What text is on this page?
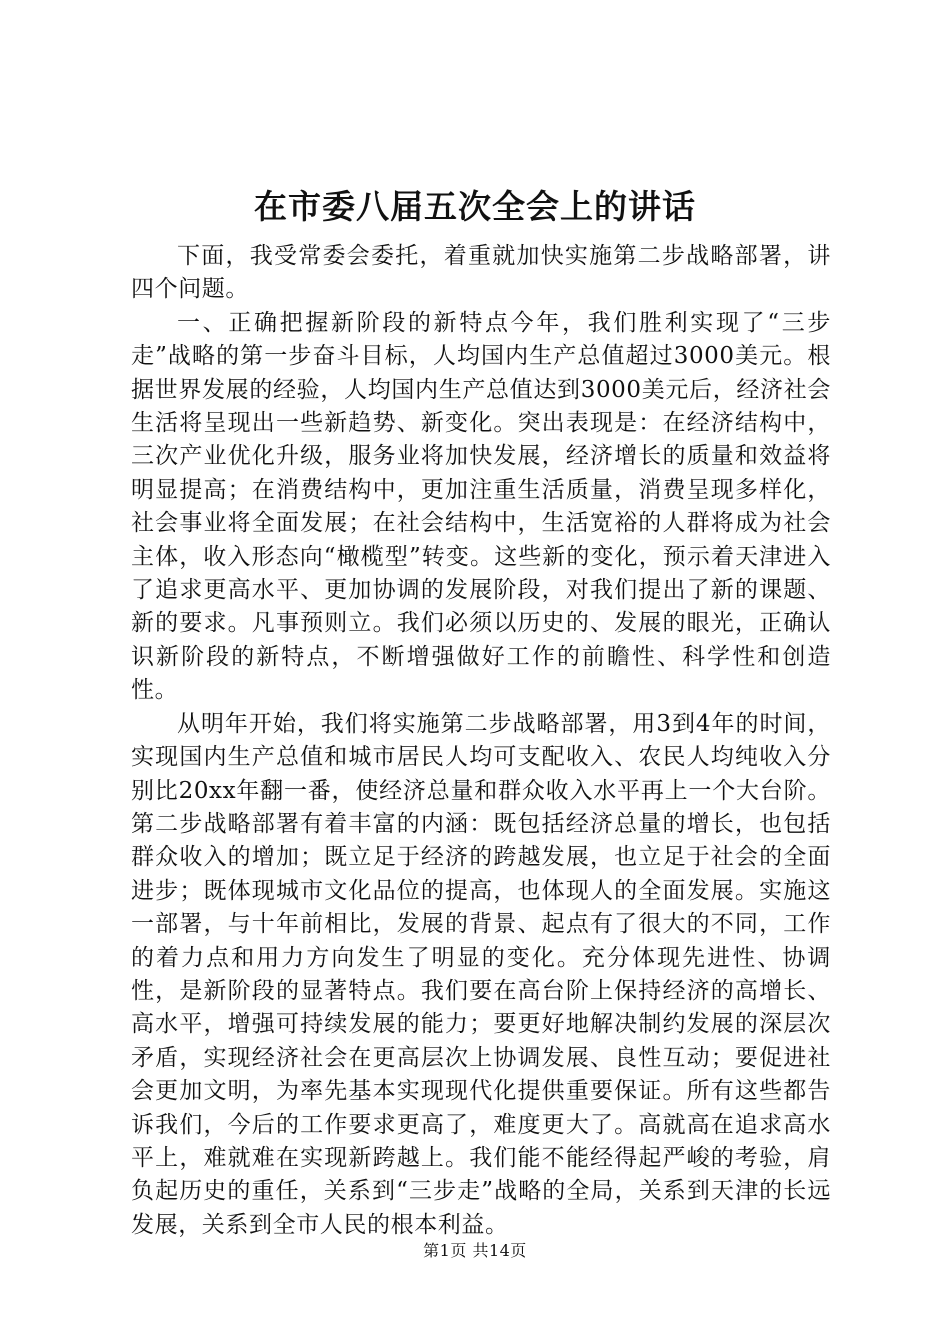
在市委八届五次全会上的讲话

下面，我受常委会委托，着重就加快实施第二步战略部署，讲四个问题。

一、正确把握新阶段的新特点今年，我们胜利实现了“三步走”战略的第一步奋斗目标，人均国内生产总值超过3000美元。根据世界发展的经验，人均国内生产总值达到3000美元后，经济社会生活将呈现出一些新趋势、新变化。突出表现是：在经济结构中，三次产业优化升级，服务业将加快发展，经济增长的质量和效益将明显提高；在消费结构中，更加注重生活质量，消费呈现多样化，社会事业将全面发展；在社会结构中，生活宽裕的人群将成为社会主体，收入形态向“橄榄型”转变。这些新的变化，预示着天津进入了追求更高水平、更加协调的发展阶段，对我们提出了新的课题、新的要求。凡事预则立。我们必须以历史的、发展的眼光，正确认识新阶段的新特点，不断增强做好工作的前瞻性、科学性和创造性。

从明年开始，我们将实施第二步战略部署，用3到4年的时间，实现国内生产总值和城市居民人均可支配收入、农民人均纯收入分别比20xx年翻一番，使经济总量和群众收入水平再上一个大台阶。第二步战略部署有着丰富的内涵：既包括经济总量的增长，也包括群众收入的增加；既立足于经济的跨越发展，也立足于社会的全面进步；既体现城市文化品位的提高，也体现人的全面发展。实施这一部署，与十年前相比，发展的背景、起点有了很大的不同，工作的着力点和用力方向发生了明显的变化。充分体现先进性、协调性，是新阶段的显著特点。我们要在高台阶上保持经济的高增长、高水平，增强可持续发展的能力；要更好地解决制约发展的深层次矛盾，实现经济社会在更高层次上协调发展、良性互动；要促进社会更加文明，为率先基本实现现代化提供重要保证。所有这些都告诉我们，今后的工作要求更高了，难度更大了。高就高在追求高水平上，难就难在实现新跨越上。我们能不能经得起严峻的考验，肩负起历史的重任，关系到“三步走”战略的全局，关系到天津的长远发展，关系到全市人民的根本利益。

第1页 共14页
